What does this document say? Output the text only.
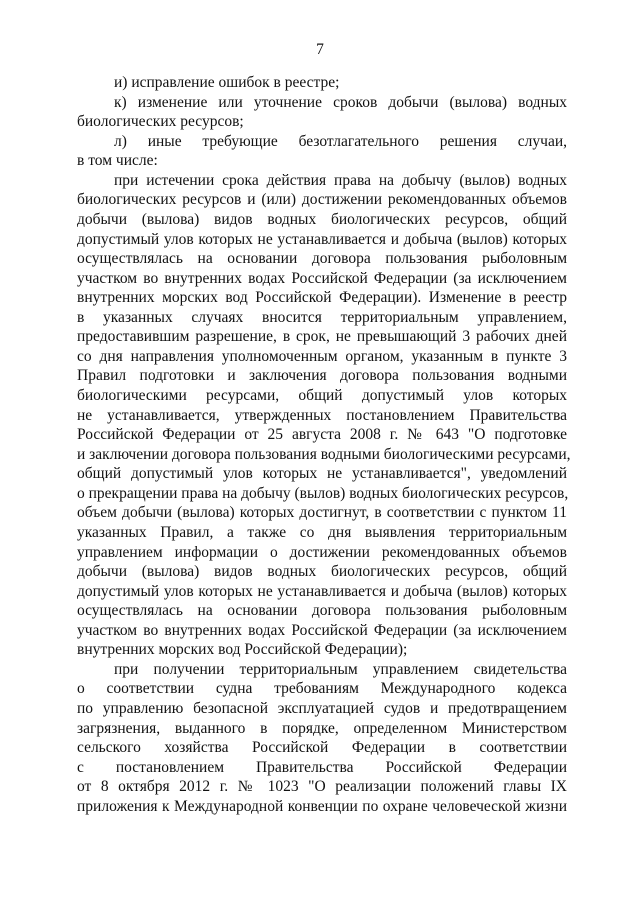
7
и) исправление ошибок в реестре;
к) изменение или уточнение сроков добычи (вылова) водных
биологических ресурсов;
л) иные требующие безотлагательного решения случаи,
в том числе:
при истечении срока действия права на добычу (вылов) водных
биологических ресурсов и (или) достижении рекомендованных объемов
добычи (вылова) видов водных биологических ресурсов, общий
допустимый улов которых не устанавливается и добыча (вылов) которых
осуществлялась на основании договора пользования рыболовным
участком во внутренних водах Российской Федерации (за исключением
внутренних морских вод Российской Федерации). Изменение в реестр
в указанных случаях вносится территориальным управлением,
предоставившим разрешение, в срок, не превышающий 3 рабочих дней
со дня направления уполномоченным органом, указанным в пункте 3
Правил подготовки и заключения договора пользования водными
биологическими ресурсами, общий допустимый улов которых
не устанавливается, утвержденных постановлением Правительства
Российской Федерации от 25 августа 2008 г. № 643 "О подготовке
и заключении договора пользования водными биологическими ресурсами,
общий допустимый улов которых не устанавливается", уведомлений
о прекращении права на добычу (вылов) водных биологических ресурсов,
объем добычи (вылова) которых достигнут, в соответствии с пунктом 11
указанных Правил, а также со дня выявления территориальным
управлением информации о достижении рекомендованных объемов
добычи (вылова) видов водных биологических ресурсов, общий
допустимый улов которых не устанавливается и добыча (вылов) которых
осуществлялась на основании договора пользования рыболовным
участком во внутренних водах Российской Федерации (за исключением
внутренних морских вод Российской Федерации);
при получении территориальным управлением свидетельства
о соответствии судна требованиям Международного кодекса
по управлению безопасной эксплуатацией судов и предотвращением
загрязнения, выданного в порядке, определенном Министерством
сельского хозяйства Российской Федерации в соответствии
с постановлением Правительства Российской Федерации
от 8 октября 2012 г. № 1023 "О реализации положений главы IX
приложения к Международной конвенции по охране человеческой жизни
